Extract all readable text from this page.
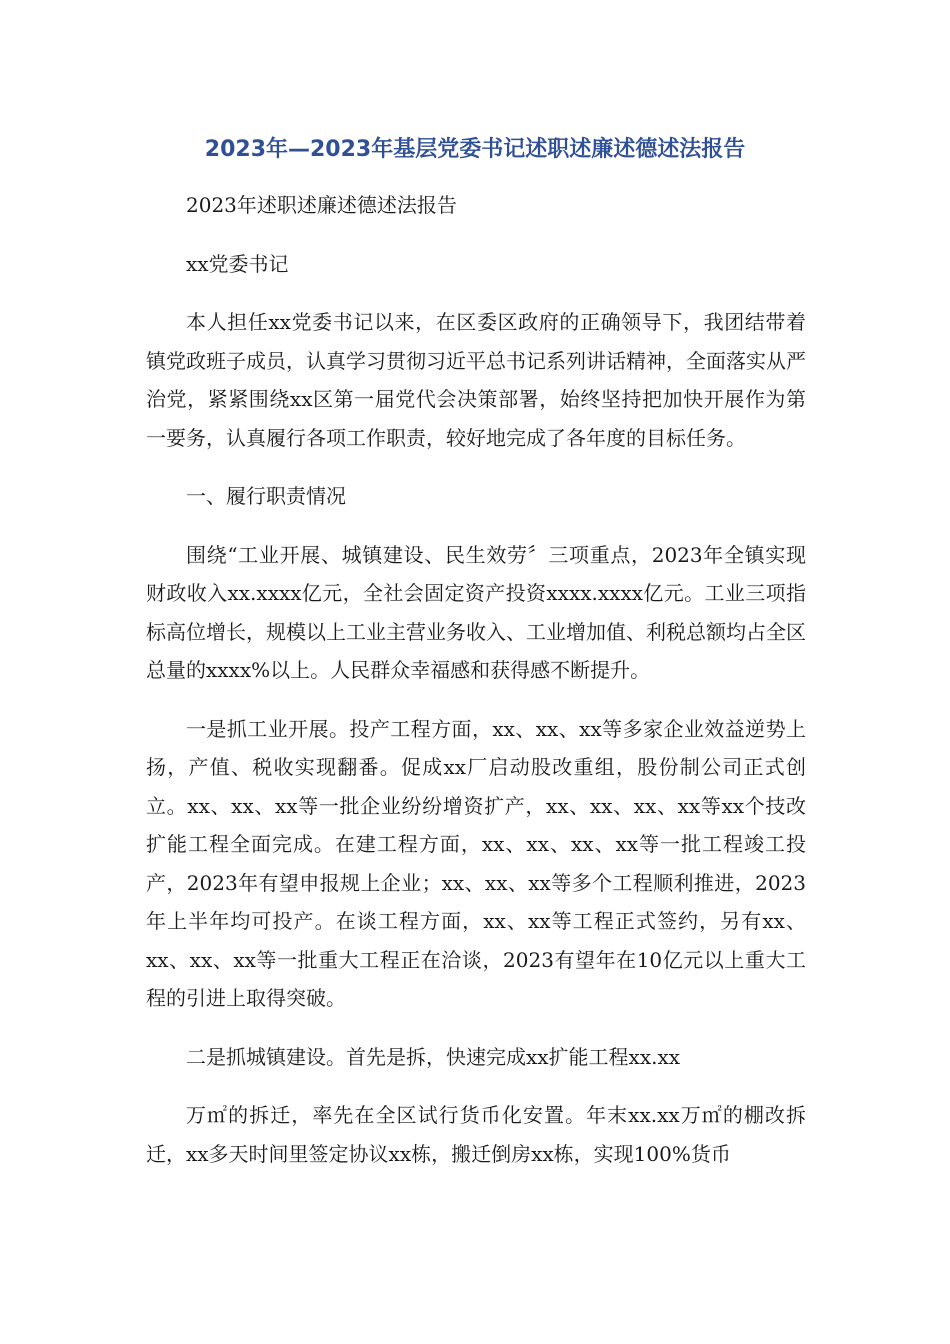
2023年—2023年基层党委书记述职述廉述德述法报告

2023年述职述廉述德述法报告

xx党委书记

本人担任xx党委书记以来，在区委区政府的正确领导下，我团结带着镇党政班子成员，认真学习贯彻习近平总书记系列讲话精神，全面落实从严治党，紧紧围绕xx区第一届党代会决策部署，始终坚持把加快开展作为第一要务，认真履行各项工作职责，较好地完成了各年度的目标任务。

一、履行职责情况

围绕“工业开展、城镇建设、民生效劳〞三项重点，2023年全镇实现财政收入xx.xxxx亿元，全社会固定资产投资xxxx.xxxx亿元。工业三项指标高位增长，规模以上工业主营业务收入、工业增加值、利税总额均占全区总量的xxxx%以上。人民群众幸福感和获得感不断提升。

一是抓工业开展。投产工程方面，xx、xx、xx等多家企业效益逆势上扬，产值、税收实现翻番。促成xx厂启动股改重组，股份制公司正式创立。xx、xx、xx等一批企业纷纷增资扩产，xx、xx、xx、xx等xx个技改扩能工程全面完成。在建工程方面，xx、xx、xx、xx等一批工程竣工投产，2023年有望申报规上企业；xx、xx、xx等多个工程顺利推进，2023年上半年均可投产。在谈工程方面，xx、xx等工程正式签约，另有xx、xx、xx、xx等一批重大工程正在洽谈，2023有望年在10亿元以上重大工程的引进上取得突破。

二是抓城镇建设。首先是拆，快速完成xx扩能工程xx.xx

万㎡的拆迁，率先在全区试行货币化安置。年末xx.xx万㎡的棚改拆迁，xx多天时间里签定协议xx栋，搬迁倒房xx栋，实现100%货币
